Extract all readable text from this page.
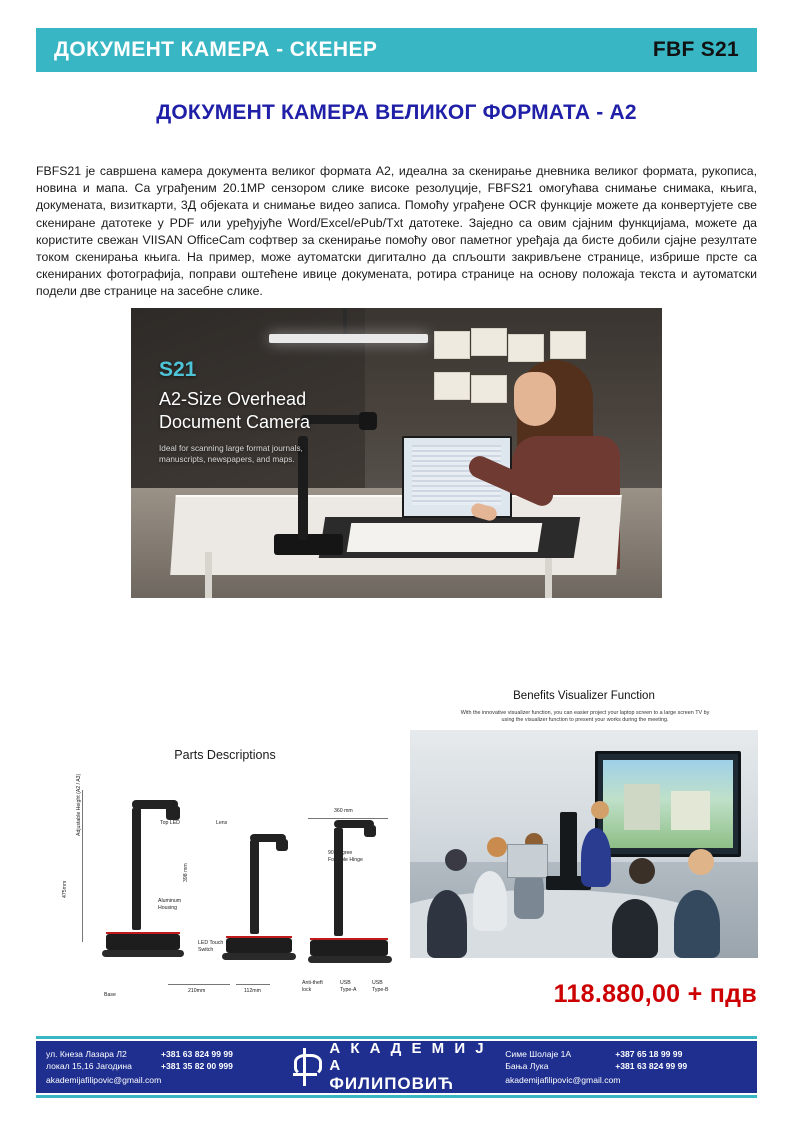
ДОКУМЕНТ КАМЕРА - СКЕНЕР	FBF S21
ДОКУМЕНТ КАМЕРА ВЕЛИКОГ ФОРМАТА - А2
FBFS21 је савршена камера документа великог формата А2, идеална за скенирање дневника великог формата, рукописа, новина и мапа. Са уграђеним 20.1MP сензором слике високе резолуције, FBFS21 омогућава снимање снимака, књига, докумената, визиткарти, 3Д објеката и снимање видео записа. Помоћу уграђене OCR функције можете да конвертујете све скениране датотеке у PDF или уређујуће Word/Excel/ePub/Txt датотеке. Заједно са овим сјајним функцијама, можете да користите свежан VIISAN OfficeCam софтвер за скенирање помоћу овог паметног уређаја да бисте добили сјајне резултате током скенирања књига. На пример, може аутоматски дигитално да спљошти закривљене странице, избрише прсте са скенираних фотографија, поправи оштећене ивице докумената, ротира странице на основу положаја текста и аутоматски подели две странице на засебне слике.
S21
A2-Size Overhead
Document Camera
Ideal for scanning large format journals, manuscripts, newspapers, and maps.
Parts Descriptions
Top LED	Lens
Adjustable Height (A2 / A3)
475mm
Aluminum Housing
LED Touch Switch
398 mm
360 mm
90 Degree Foldable Hinge
Base
210mm	112mm
Anti-theft lock
USB Type-A
USB Type-B
Benefits Visualizer Function
With the innovative visualizer function, you can easier project your laptop screen to a large screen TV by using the visualizer function to present your works during the meeting.
118.880,00 + пдв
ул. Кнеза Лазара Л2	+381 63 824 99 99
локал 15,16 Јагодина	+381 35 82 00 999
akademijafilipovic@gmail.com
А К А Д Е М И Ј А
ФИЛИПОВИЋ
Симе Шолаје 1А	+387 65 18 99 99
Бања Лука	+381 63 824 99 99
akademijafilipovic@gmail.com
